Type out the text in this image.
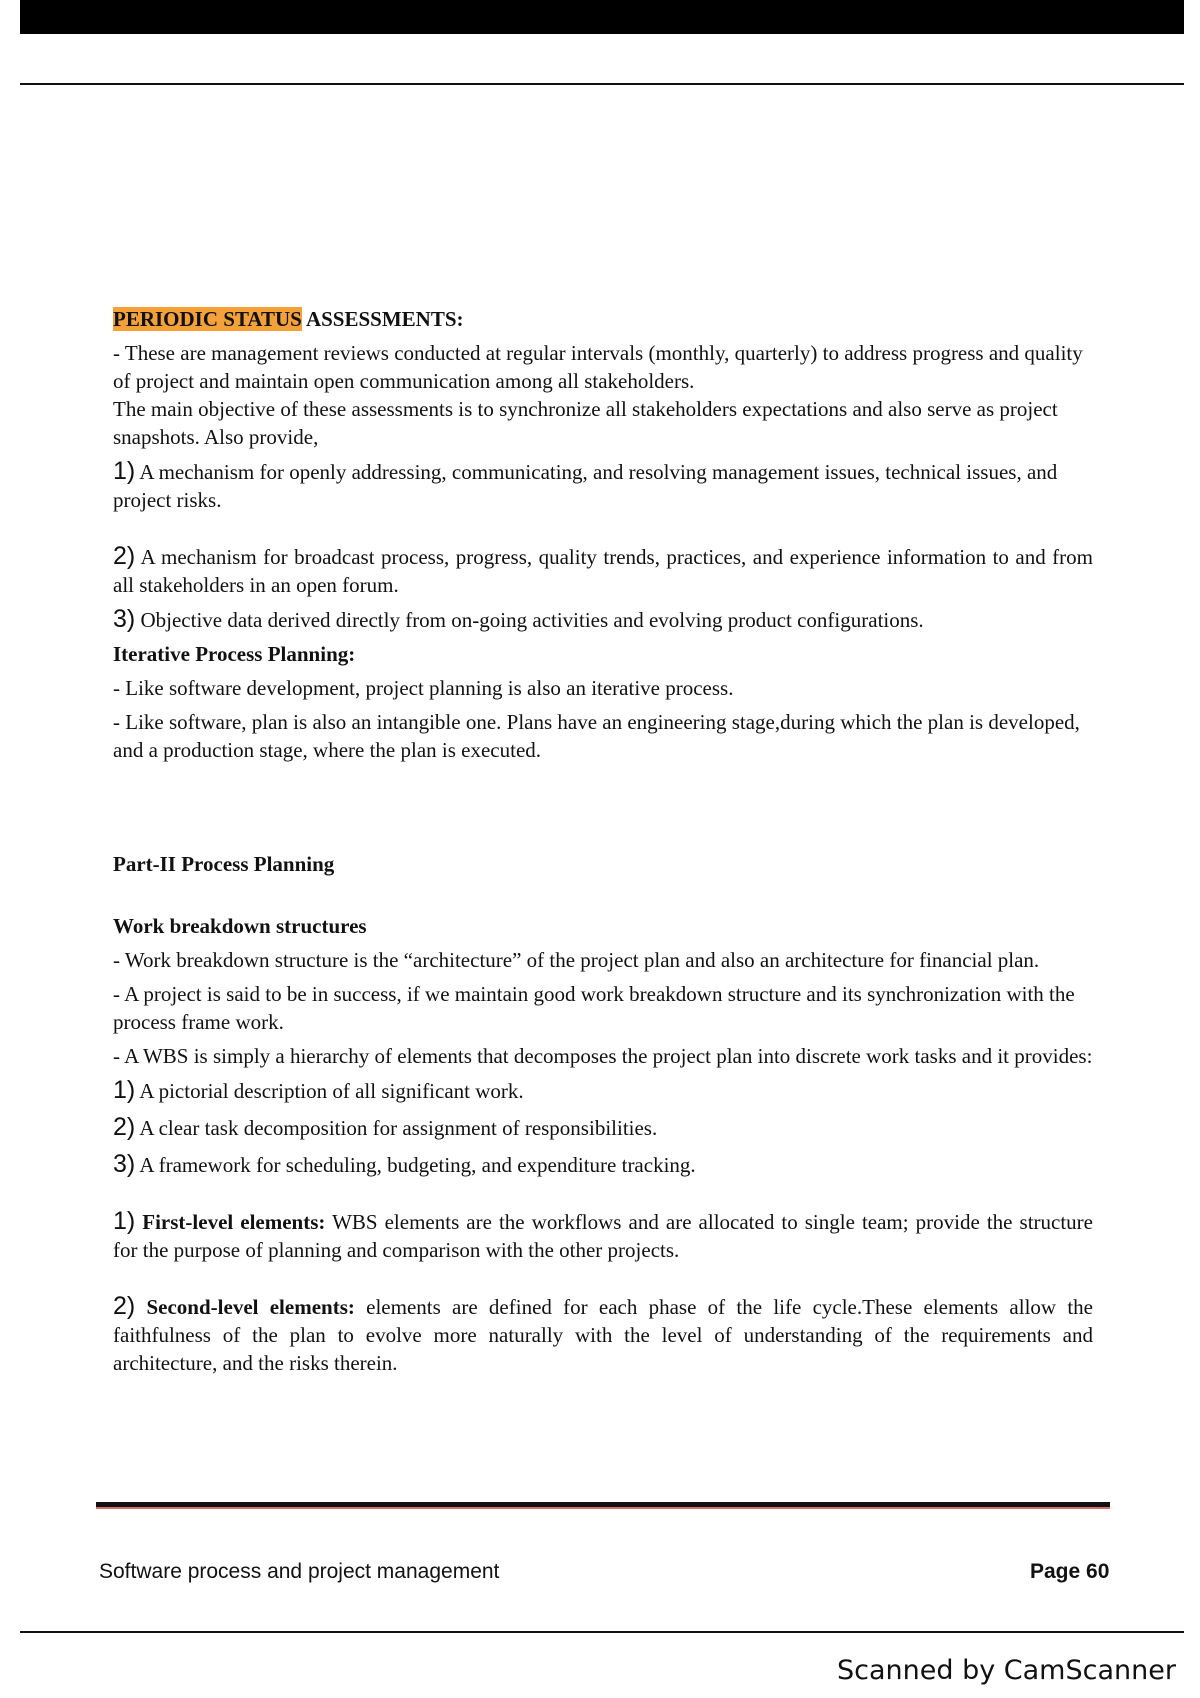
PERIODIC STATUS ASSESSMENTS:

- These are management reviews conducted at regular intervals (monthly, quarterly) to address progress and quality of project and maintain open communication among all stakeholders.

The main objective of these assessments is to synchronize all stakeholders expectations and also serve as project snapshots. Also provide,

1) A mechanism for openly addressing, communicating, and resolving management issues, technical issues, and project risks.

2) A mechanism for broadcast process, progress, quality trends, practices, and experience information to and from all stakeholders in an open forum.

3) Objective data derived directly from on-going activities and evolving product configurations.

Iterative Process Planning:

- Like software development, project planning is also an iterative process.

- Like software, plan is also an intangible one. Plans have an engineering stage,during which the plan is developed, and a production stage, where the plan is executed.

Part-II Process Planning

Work breakdown structures

- Work breakdown structure is the “architecture” of the project plan and also an architecture for financial plan.

- A project is said to be in success, if we maintain good work breakdown structure and its synchronization with the process frame work.

- A WBS is simply a hierarchy of elements that decomposes the project plan into discrete work tasks and it provides:

1) A pictorial description of all significant work.

2) A clear task decomposition for assignment of responsibilities.

3) A framework for scheduling, budgeting, and expenditure tracking.

1) First-level elements: WBS elements are the workflows and are allocated to single team; provide the structure for the purpose of planning and comparison with the other projects.

2) Second-level elements: elements are defined for each phase of the life cycle.These elements allow the faithfulness of the plan to evolve more naturally with the level of understanding of the requirements and architecture, and the risks therein.

Software process and project management	Page 60
Scanned by CamScanner
